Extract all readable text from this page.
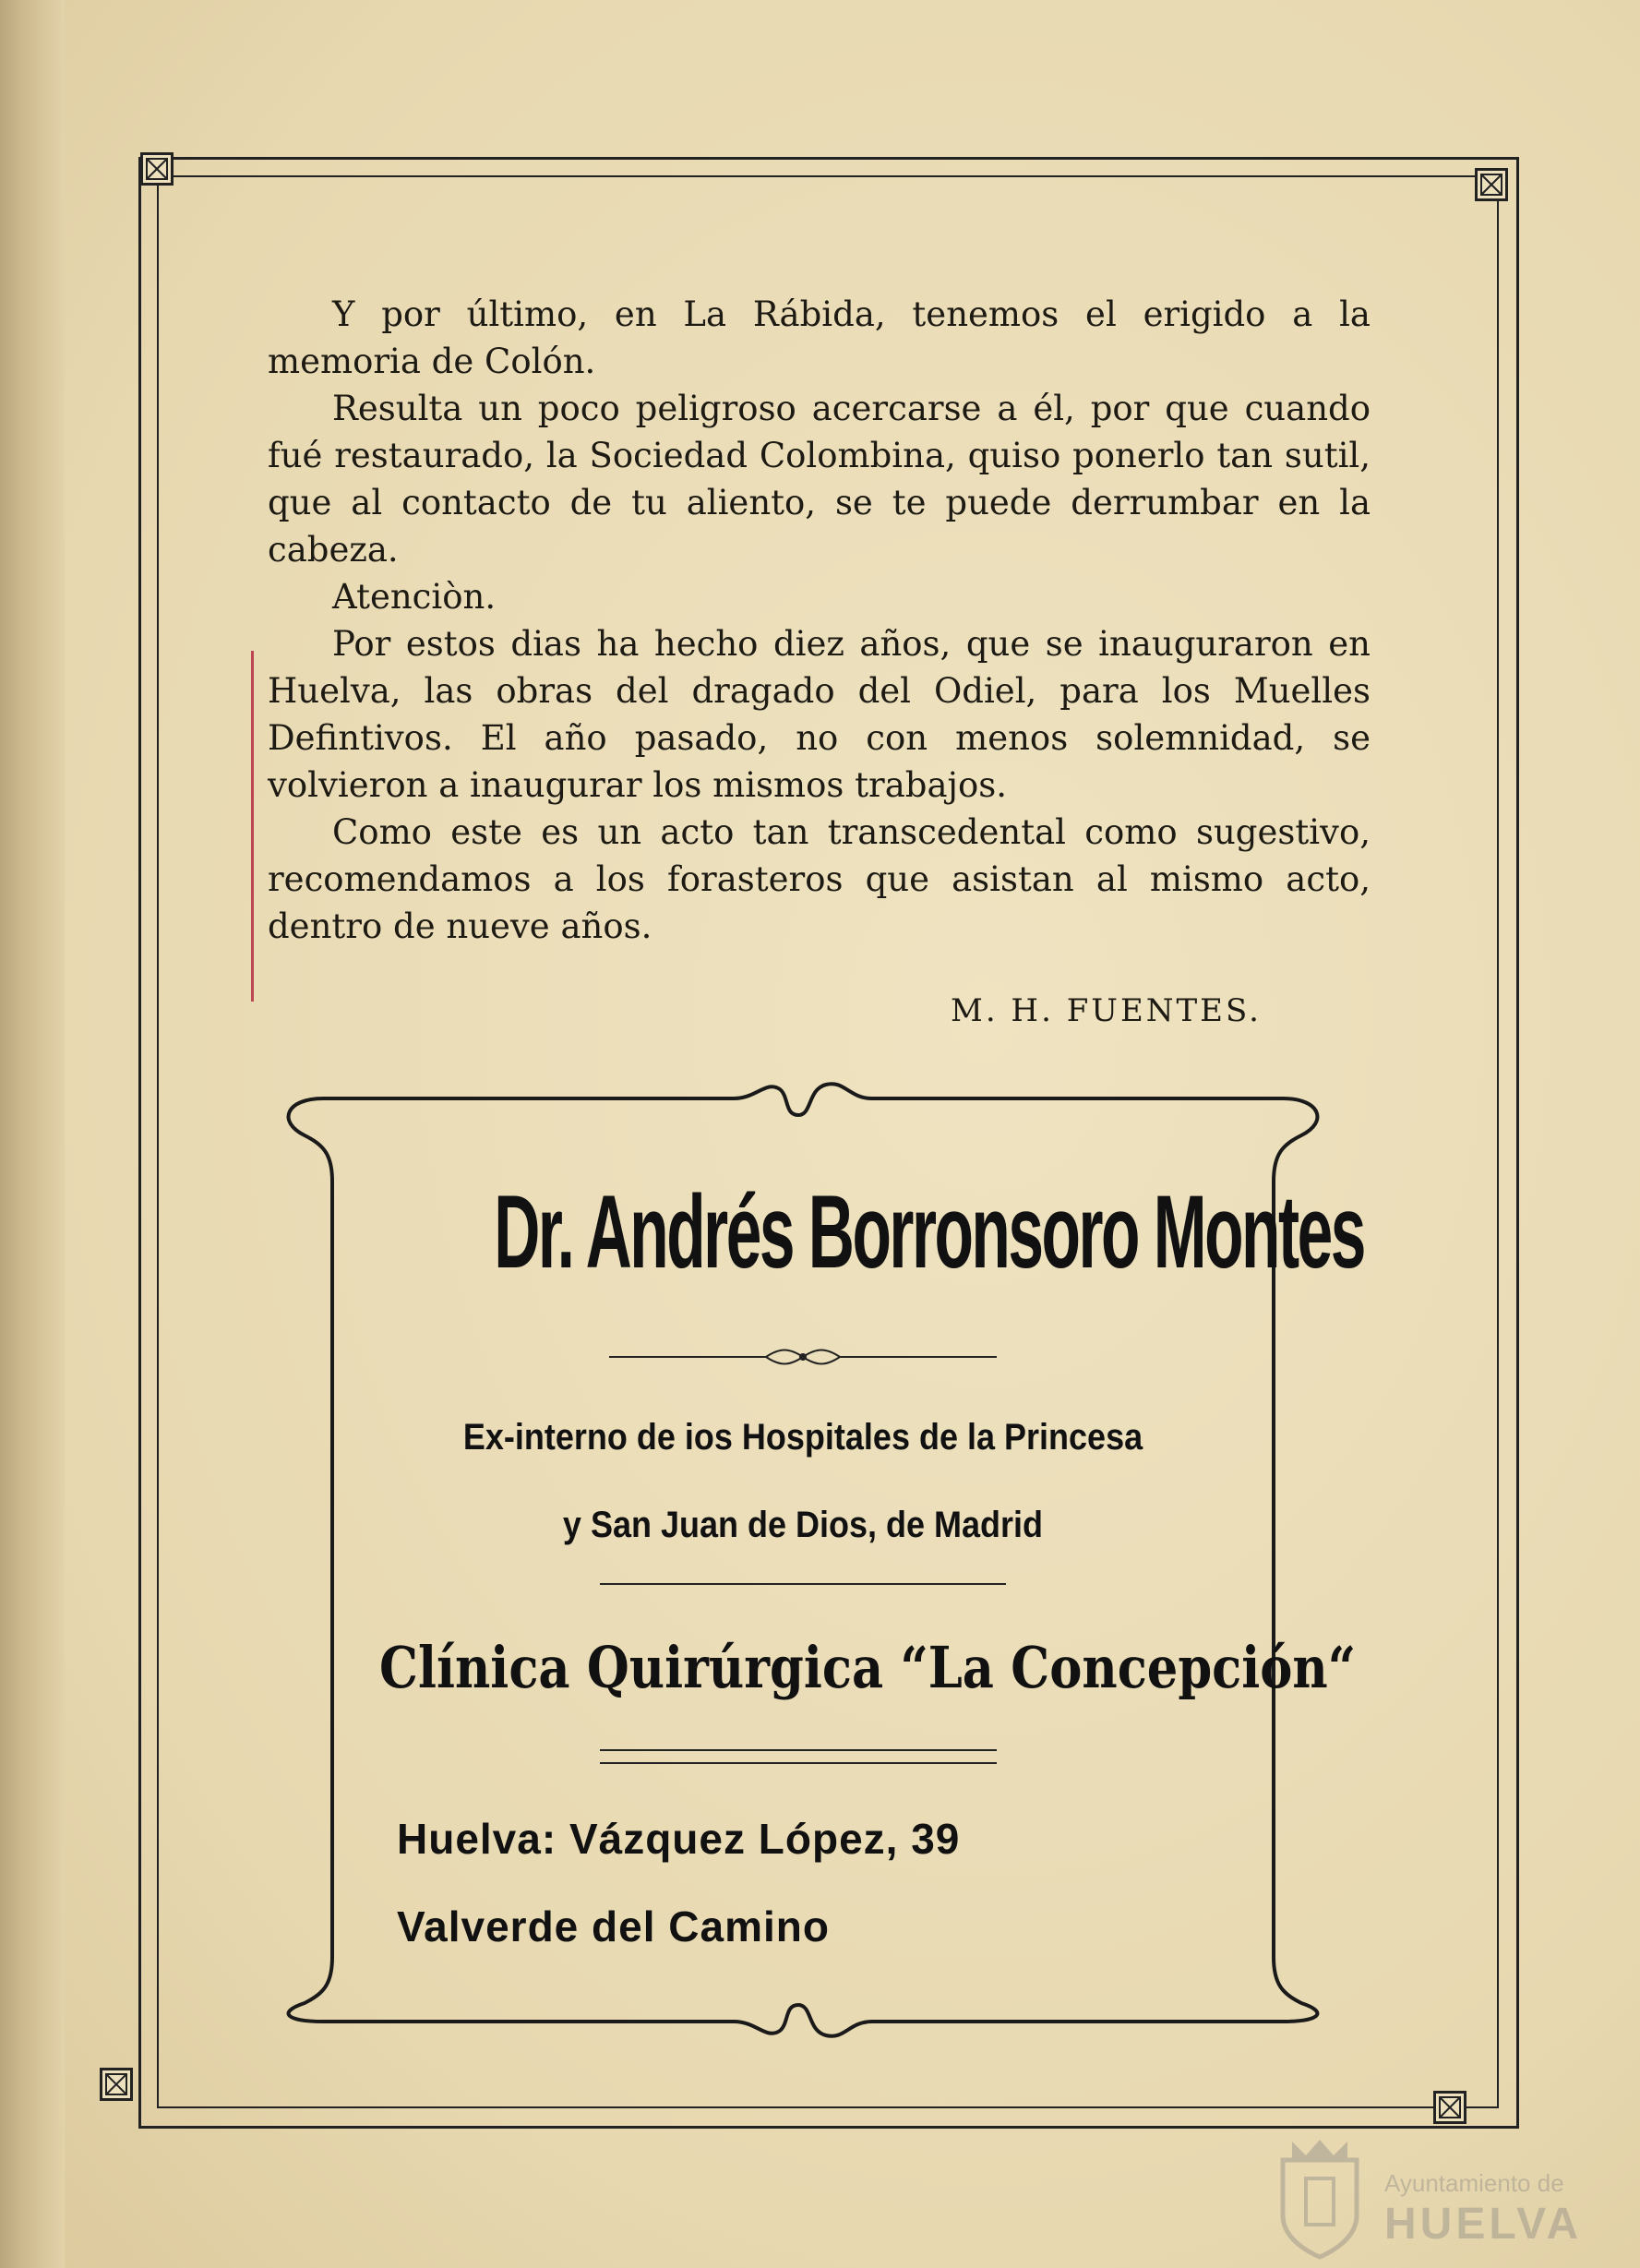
Y por último, en La Rábida, tenemos el erigido a la memoria de Colón.

Resulta un poco peligroso acercarse a él, por que cuando fué restaurado, la Sociedad Colombina, quiso ponerlo tan sutil, que al contacto de tu aliento, se te puede derrumbar en la cabeza.

Atenciòn.

Por estos dias ha hecho diez años, que se inauguraron en Huelva, las obras del dragado del Odiel, para los Muelles Defintivos. El año pasado, no con menos solemnidad, se volvieron a inaugurar los mismos trabajos.

Como este es un acto tan transcedental como sugestivo, recomendamos a los forasteros que asistan al mismo acto, dentro de nueve años.

M. H. FUENTES.
Dr. Andrés Borronsoro Montes
Ex-interno de ios Hospitales de la Princesa
y San Juan de Dios, de Madrid
Clínica Quirúrgica “La Concepción“
Huelva: Vázquez López, 39
Valverde del Camino
Ayuntamiento de
HUELVA
